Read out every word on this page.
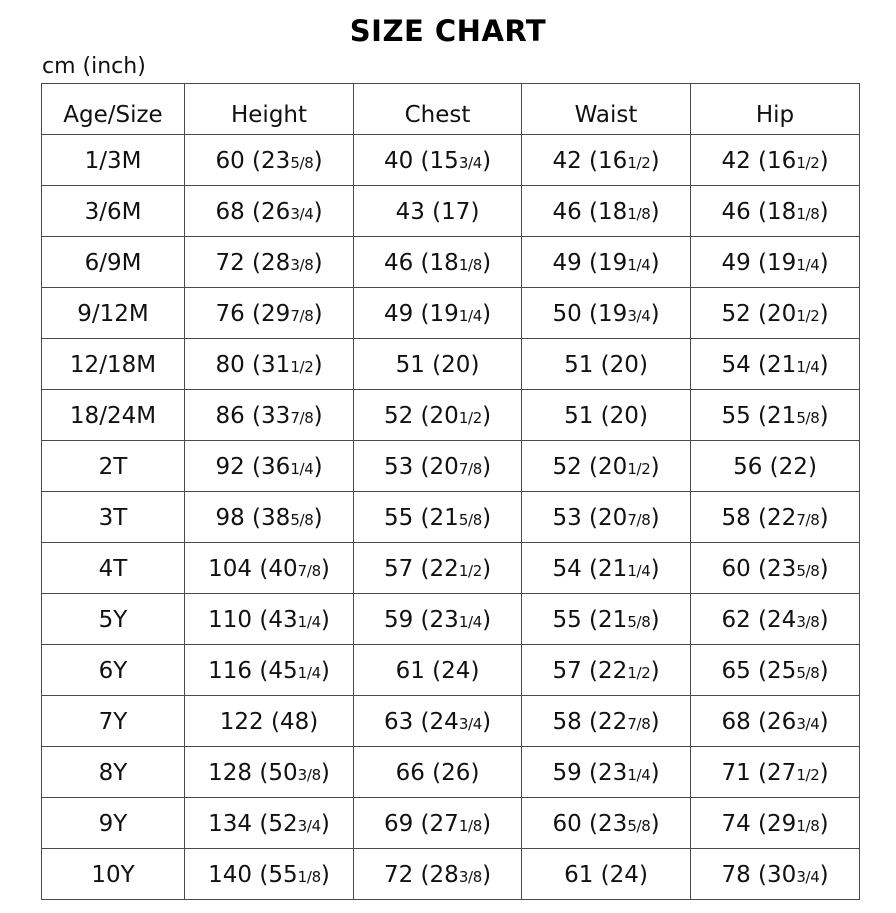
SIZE CHART
cm (inch)
Age/Size	Height	Chest	Waist	Hip
1/3M	60 (235/8)	40 (153/4)	42 (161/2)	42 (161/2)
3/6M	68 (263/4)	43 (17)	46 (181/8)	46 (181/8)
6/9M	72 (283/8)	46 (181/8)	49 (191/4)	49 (191/4)
9/12M	76 (297/8)	49 (191/4)	50 (193/4)	52 (201/2)
12/18M	80 (311/2)	51 (20)	51 (20)	54 (211/4)
18/24M	86 (337/8)	52 (201/2)	51 (20)	55 (215/8)
2T	92 (361/4)	53 (207/8)	52 (201/2)	56 (22)
3T	98 (385/8)	55 (215/8)	53 (207/8)	58 (227/8)
4T	104 (407/8)	57 (221/2)	54 (211/4)	60 (235/8)
5Y	110 (431/4)	59 (231/4)	55 (215/8)	62 (243/8)
6Y	116 (451/4)	61 (24)	57 (221/2)	65 (255/8)
7Y	122 (48)	63 (243/4)	58 (227/8)	68 (263/4)
8Y	128 (503/8)	66 (26)	59 (231/4)	71 (271/2)
9Y	134 (523/4)	69 (271/8)	60 (235/8)	74 (291/8)
10Y	140 (551/8)	72 (283/8)	61 (24)	78 (303/4)
